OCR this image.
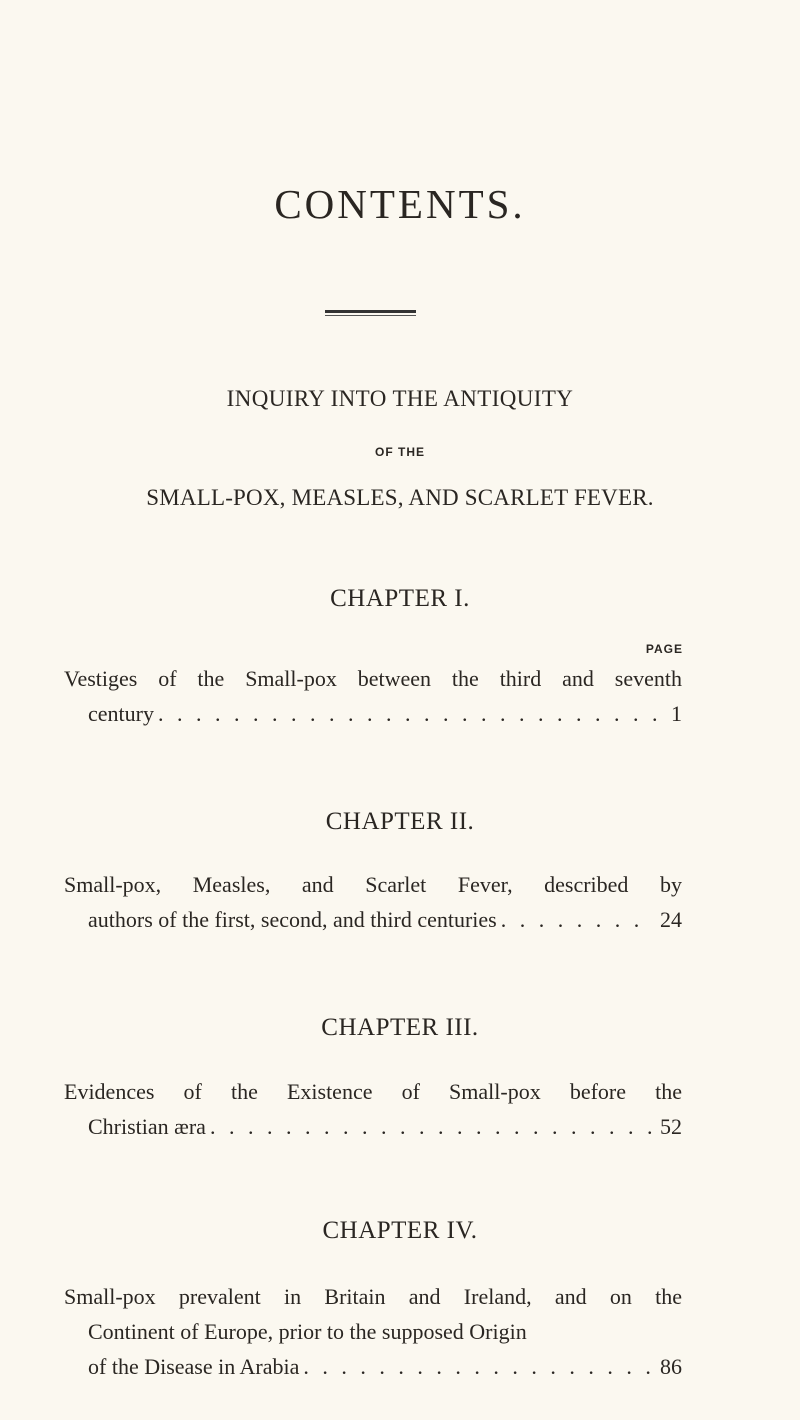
CONTENTS.
INQUIRY INTO THE ANTIQUITY
OF THE
SMALL-POX, MEASLES, AND SCARLET FEVER.
CHAPTER I.
PAGE
Vestiges of the Small-pox between the third and seventh
century . . .	1
CHAPTER II.
Small-pox, Measles, and Scarlet Fever, described by
authors of the first, second, and third centuries . . .	24
CHAPTER III.
Evidences of the Existence of Small-pox before the
Christian æra . . .	52
CHAPTER IV.
Small-pox prevalent in Britain and Ireland, and on the
Continent of Europe, prior to the supposed Origin
of the Disease in Arabia . . .	86
